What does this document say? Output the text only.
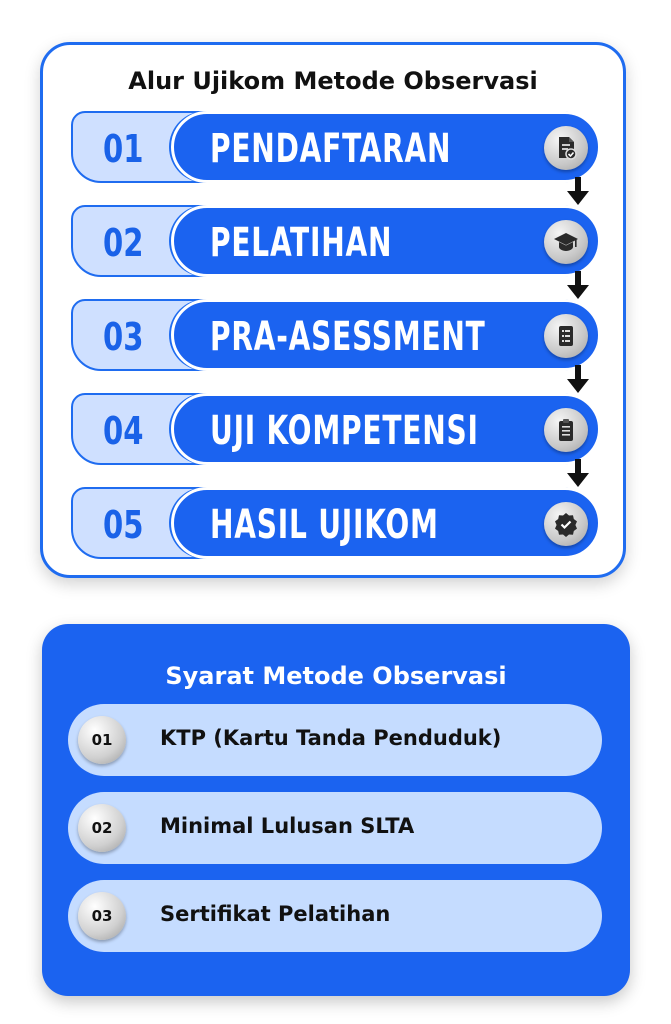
Alur Ujikom Metode Observasi
01 PENDAFTARAN
02 PELATIHAN
03 PRA-ASESSMENT
04 UJI KOMPETENSI
05 HASIL UJIKOM
Syarat Metode Observasi
01	KTP (Kartu Tanda Penduduk)
02	Minimal Lulusan SLTA
03	Sertifikat Pelatihan
